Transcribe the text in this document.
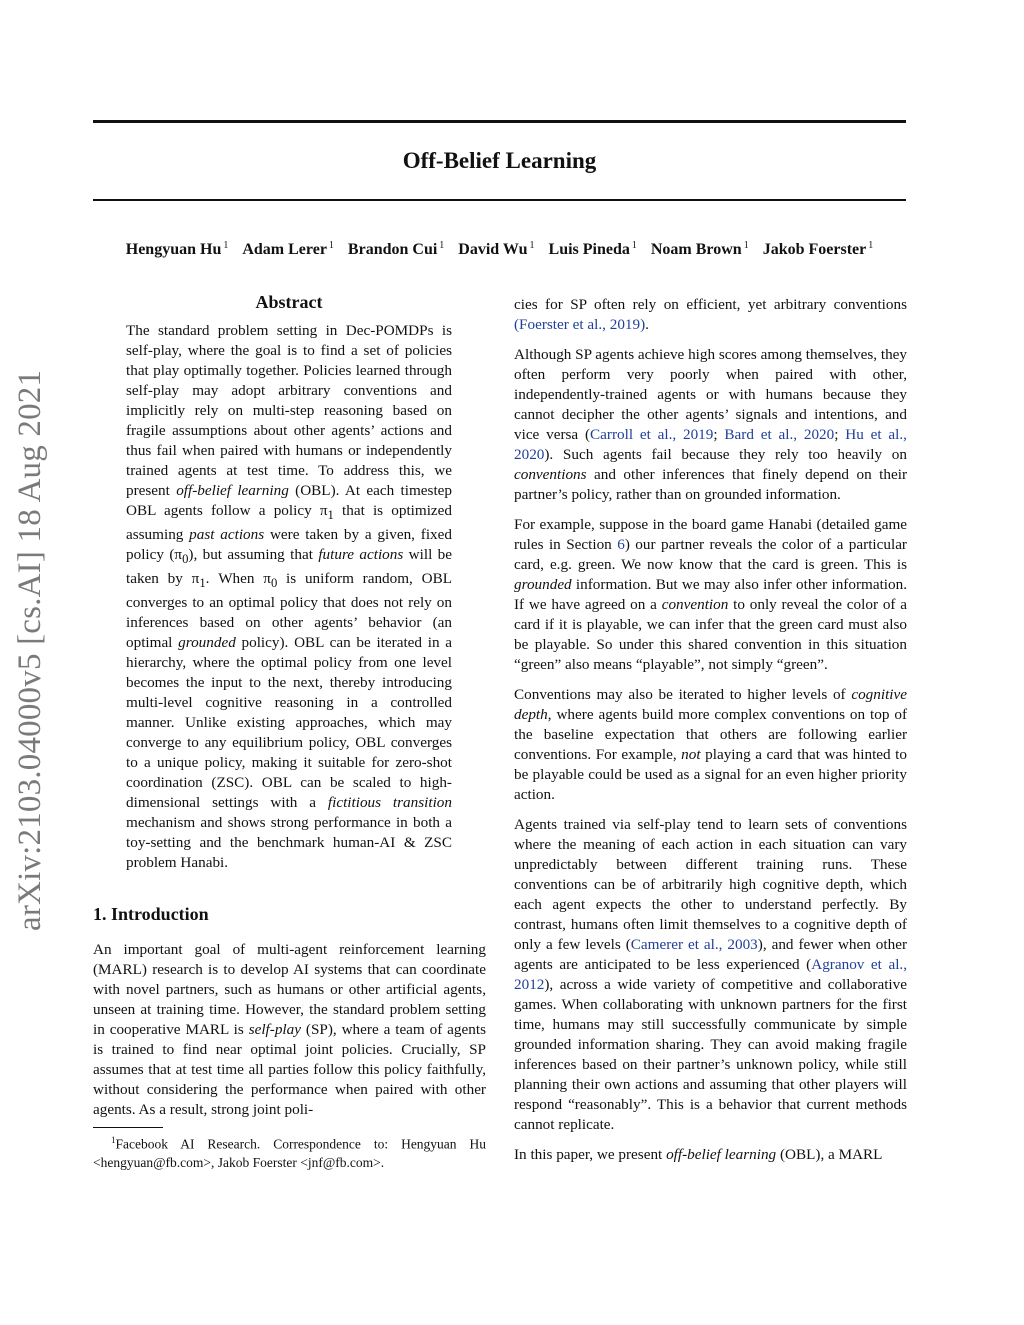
arXiv:2103.04000v5 [cs.AI] 18 Aug 2021
Off-Belief Learning
Hengyuan Hu $^1$ Adam Lerer $^1$ Brandon Cui $^1$ David Wu $^1$ Luis Pineda $^1$ Noam Brown $^1$ Jakob Foerster $^1$
Abstract

The standard problem setting in Dec-POMDPs is self-play, where the goal is to find a set of policies that play optimally together. Policies learned through self-play may adopt arbitrary conventions and implicitly rely on multi-step reasoning based on fragile assumptions about other agents’ actions and thus fail when paired with humans or independently trained agents at test time. To address this, we present off-belief learning (OBL). At each timestep OBL agents follow a policy $\pi_1$ that is optimized assuming past actions were taken by a given, fixed policy $(\pi_0)$, but assuming that future actions will be taken by $\pi_1$. When $\pi_0$ is uniform random, OBL converges to an optimal policy that does not rely on inferences based on other agents’ behavior (an optimal grounded policy). OBL can be iterated in a hierarchy, where the optimal policy from one level becomes the input to the next, thereby introducing multi-level cognitive reasoning in a controlled manner. Unlike existing approaches, which may converge to any equilibrium policy, OBL converges to a unique policy, making it suitable for zero-shot coordination (ZSC). OBL can be scaled to high-dimensional settings with a fictitious transition mechanism and shows strong performance in both a toy-setting and the benchmark human-AI & ZSC problem Hanabi.

1. Introduction

An important goal of multi-agent reinforcement learning (MARL) research is to develop AI systems that can coordinate with novel partners, such as humans or other artificial agents, unseen at training time. However, the standard problem setting in cooperative MARL is self-play (SP), where a team of agents is trained to find near optimal joint policies. Crucially, SP assumes that at test time all parties follow this policy faithfully, without considering the performance when paired with other agents. As a result, strong joint poli-

$^1$Facebook AI Research. Correspondence to: Hengyuan Hu <hengyuan@fb.com>, Jakob Foerster <jnf@fb.com>.

cies for SP often rely on efficient, yet arbitrary conventions (Foerster et al., 2019).

Although SP agents achieve high scores among themselves, they often perform very poorly when paired with other, independently-trained agents or with humans because they cannot decipher the other agents’ signals and intentions, and vice versa (Carroll et al., 2019; Bard et al., 2020; Hu et al., 2020). Such agents fail because they rely too heavily on conventions and other inferences that finely depend on their partner’s policy, rather than on grounded information.

For example, suppose in the board game Hanabi (detailed game rules in Section 6) our partner reveals the color of a particular card, e.g. green. We now know that the card is green. This is grounded information. But we may also infer other information. If we have agreed on a convention to only reveal the color of a card if it is playable, we can infer that the green card must also be playable. So under this shared convention in this situation “green” also means “playable”, not simply “green”.

Conventions may also be iterated to higher levels of cognitive depth, where agents build more complex conventions on top of the baseline expectation that others are following earlier conventions. For example, not playing a card that was hinted to be playable could be used as a signal for an even higher priority action.

Agents trained via self-play tend to learn sets of conventions where the meaning of each action in each situation can vary unpredictably between different training runs. These conventions can be of arbitrarily high cognitive depth, which each agent expects the other to understand perfectly. By contrast, humans often limit themselves to a cognitive depth of only a few levels (Camerer et al., 2003), and fewer when other agents are anticipated to be less experienced (Agranov et al., 2012), across a wide variety of competitive and collaborative games. When collaborating with unknown partners for the first time, humans may still successfully communicate by simple grounded information sharing. They can avoid making fragile inferences based on their partner’s unknown policy, while still planning their own actions and assuming that other players will respond “reasonably”. This is a behavior that current methods cannot replicate.

In this paper, we present off-belief learning (OBL), a MARL
